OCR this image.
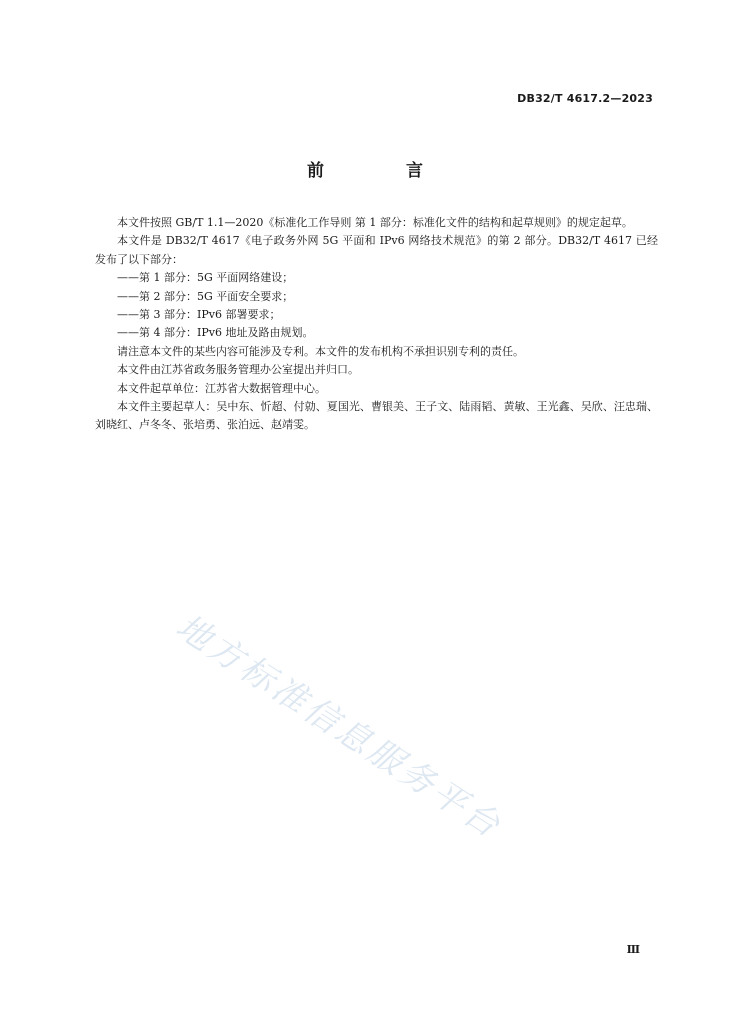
DB32/T 4617.2—2023
前 言

本文件按照 GB/T 1.1—2020《标准化工作导则 第 1 部分：标准化文件的结构和起草规则》的规定起草。

本文件是 DB32/T 4617《电子政务外网 5G 平面和 IPv6 网络技术规范》的第 2 部分。DB32/T 4617 已经发布了以下部分：

——第 1 部分：5G 平面网络建设；

——第 2 部分：5G 平面安全要求；

——第 3 部分：IPv6 部署要求；

——第 4 部分：IPv6 地址及路由规划。

请注意本文件的某些内容可能涉及专利。本文件的发布机构不承担识别专利的责任。

本文件由江苏省政务服务管理办公室提出并归口。

本文件起草单位：江苏省大数据管理中心。

本文件主要起草人：吴中东、忻超、付勍、夏国光、曹银美、王子文、陆雨韬、黄敏、王光鑫、吴欣、汪忠瑞、刘晓红、卢冬冬、张培勇、张泊远、赵靖雯。

地方标准信息服务平台
Ⅲ
